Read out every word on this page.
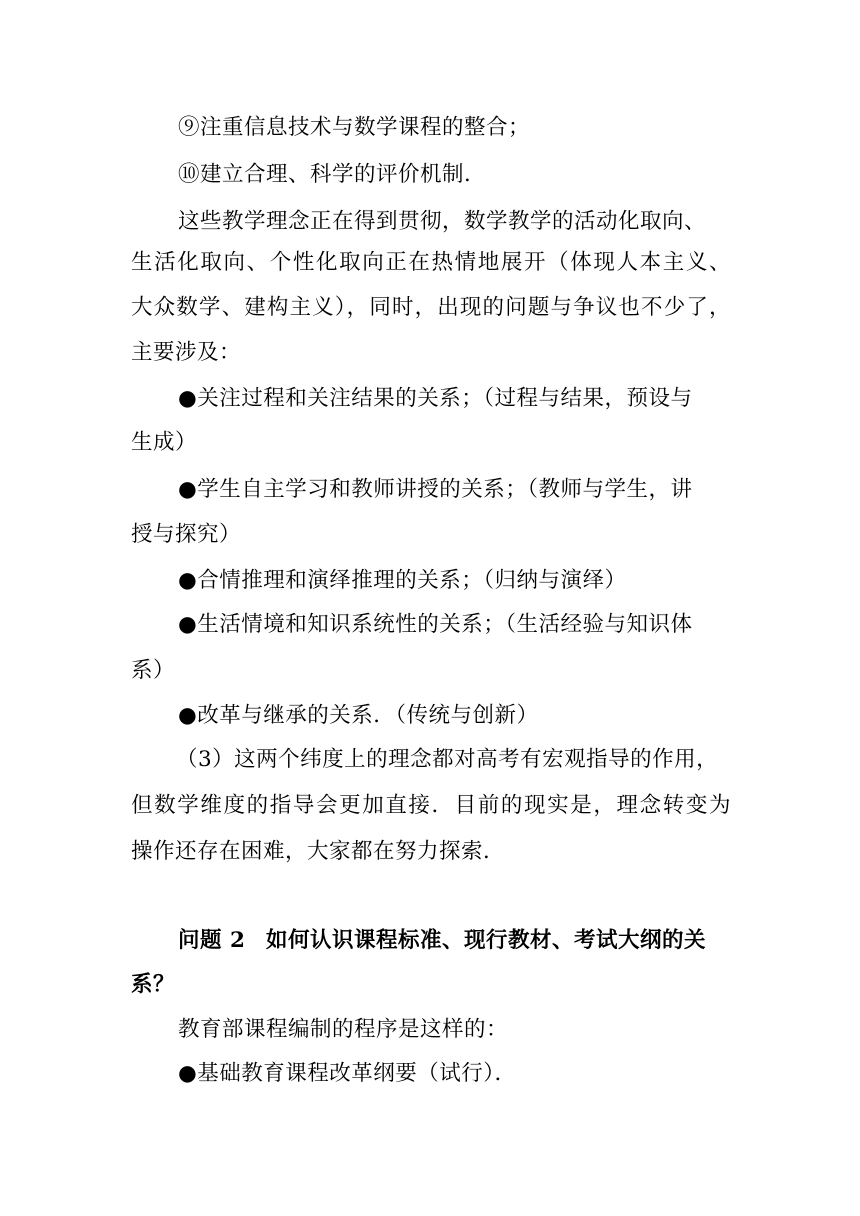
⑨注重信息技术与数学课程的整合；
⑩建立合理、科学的评价机制．
这些教学理念正在得到贯彻，数学教学的活动化取向、
生活化取向、个性化取向正在热情地展开（体现人本主义、
大众数学、建构主义），同时，出现的问题与争议也不少了，
主要涉及：
●关注过程和关注结果的关系；（过程与结果，预设与
生成）
●学生自主学习和教师讲授的关系；（教师与学生，讲
授与探究）
●合情推理和演绎推理的关系；（归纳与演绎）
●生活情境和知识系统性的关系；（生活经验与知识体
系）
●改革与继承的关系．（传统与创新）
（3）这两个纬度上的理念都对高考有宏观指导的作用，
但数学维度的指导会更加直接．目前的现实是，理念转变为
操作还存在困难，大家都在努力探索．
问题 2 如何认识课程标准、现行教材、考试大纲的关
系？
教育部课程编制的程序是这样的：
●基础教育课程改革纲要（试行）．
